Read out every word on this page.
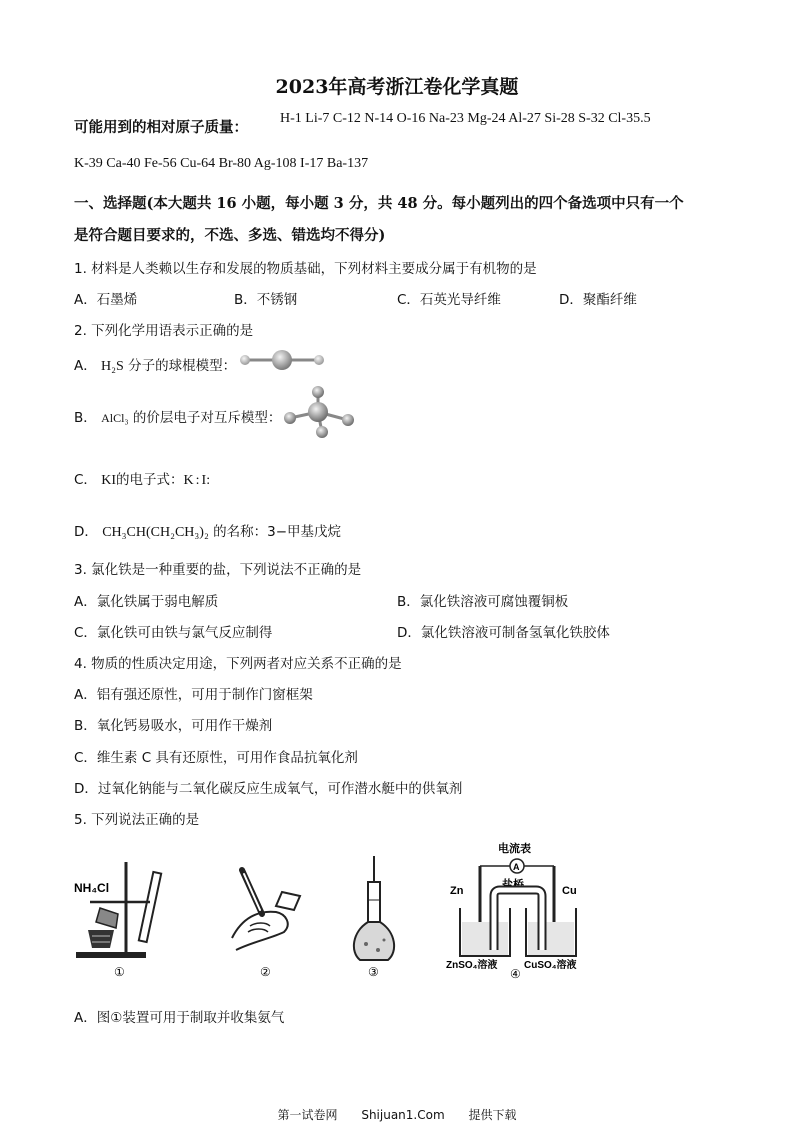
2023年高考浙江卷化学真题
可能用到的相对原子质量：
H-1 Li-7 C-12 N-14 O-16 Na-23 Mg-24 Al-27 Si-28 S-32 Cl-35.5
K-39 Ca-40 Fe-56 Cu-64 Br-80 Ag-108 I-17 Ba-137
一、选择题(本大题共 16 小题，每小题 3 分，共 48 分。每小题列出的四个备选项中只有一个
是符合题目要求的，不选、多选、错选均不得分)
1. 材料是人类赖以生存和发展的物质基础，下列材料主要成分属于有机物的是
A．石墨烯	B．不锈钢	C．石英光导纤维	D．聚酯纤维
2. 下列化学用语表示正确的是
A． H₂S 分子的球棍模型：
B． AlCl₃ 的价层电子对互斥模型：
C． KI的电子式：K : I:
D． CH₃CH(CH₂CH₃)₂ 的名称：3−甲基戊烷
3. 氯化铁是一种重要的盐，下列说法不正确的是
A．氯化铁属于弱电解质	B．氯化铁溶液可腐蚀覆铜板
C．氯化铁可由铁与氯气反应制得	D．氯化铁溶液可制备氢氧化铁胶体
4. 物质的性质决定用途，下列两者对应关系不正确的是
A．铝有强还原性，可用于制作门窗框架
B．氧化钙易吸水，可用作干燥剂
C．维生素 C 具有还原性，可用作食品抗氧化剂
D．过氧化钠能与二氧化碳反应生成氧气，可作潜水艇中的供氧剂
5. 下列说法正确的是
NH₄Cl
①	②	③
电流表
A
Zn	Cu
盐桥
ZnSO₄溶液	CuSO₄溶液
④
A．图①装置可用于制取并收集氨气
第一试卷网 Shijuan1.Com 提供下载
